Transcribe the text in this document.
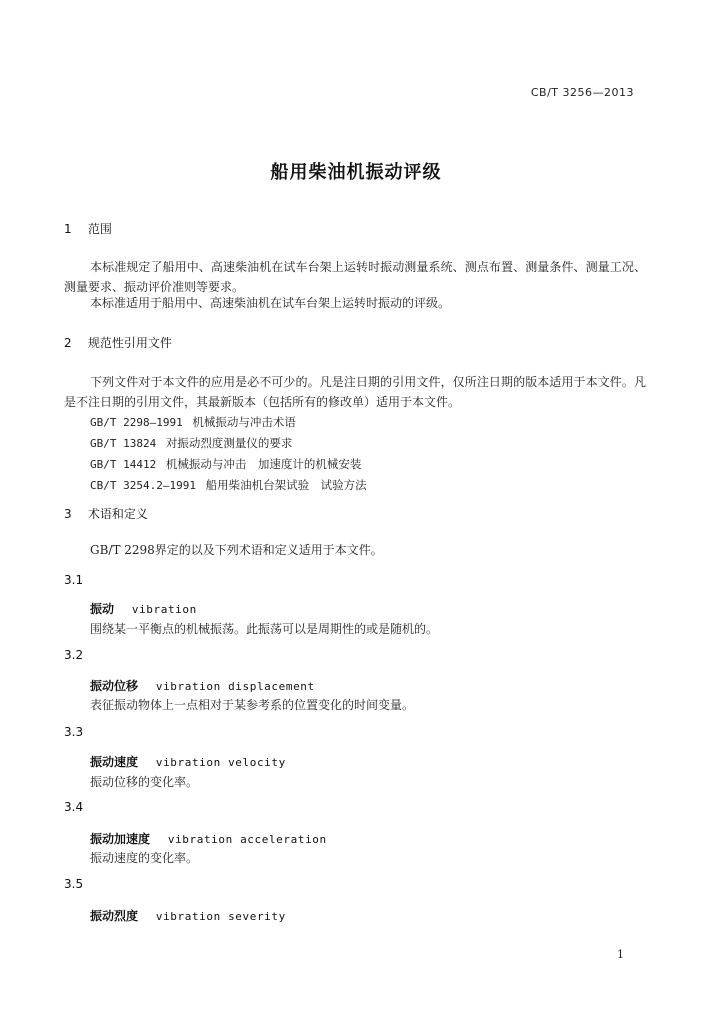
CB/T 3256—2013
船用柴油机振动评级
1 范围
本标准规定了船用中、高速柴油机在试车台架上运转时振动测量系统、测点布置、测量条件、测量工况、测量要求、振动评价准则等要求。
本标准适用于船用中、高速柴油机在试车台架上运转时振动的评级。
2 规范性引用文件
下列文件对于本文件的应用是必不可少的。凡是注日期的引用文件，仅所注日期的版本适用于本文件。凡是不注日期的引用文件，其最新版本（包括所有的修改单）适用于本文件。
GB/T 2298—1991 机械振动与冲击术语
GB/T 13824 对振动烈度测量仪的要求
GB/T 14412 机械振动与冲击　加速度计的机械安装
CB/T 3254.2—1991 船用柴油机台架试验　试验方法
3 术语和定义
GB/T 2298界定的以及下列术语和定义适用于本文件。
3.1
振动 vibration
围绕某一平衡点的机械振荡。此振荡可以是周期性的或是随机的。
3.2
振动位移 vibration displacement
表征振动物体上一点相对于某参考系的位置变化的时间变量。
3.3
振动速度 vibration velocity
振动位移的变化率。
3.4
振动加速度 vibration acceleration
振动速度的变化率。
3.5
振动烈度 vibration severity
1
